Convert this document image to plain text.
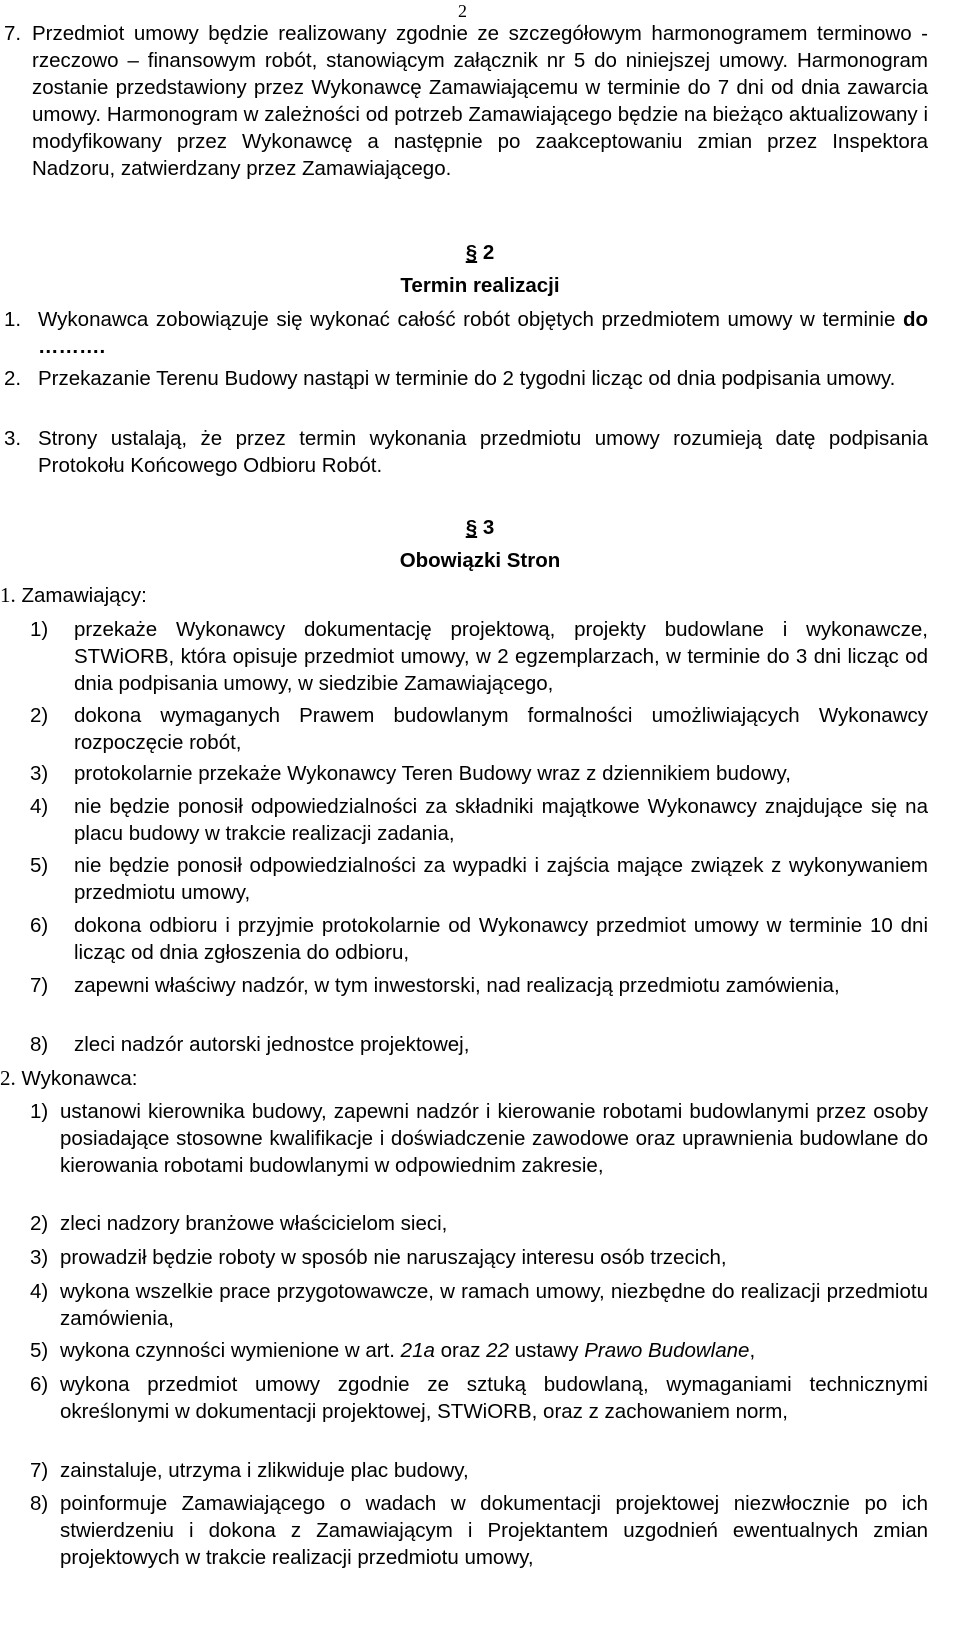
2
7. Przedmiot umowy będzie realizowany zgodnie ze szczegółowym harmonogramem terminowo - rzeczowo – finansowym robót, stanowiącym załącznik nr 5 do niniejszej umowy. Harmonogram zostanie przedstawiony przez Wykonawcę Zamawiającemu w terminie do 7 dni od dnia zawarcia umowy. Harmonogram w zależności od potrzeb Zamawiającego będzie na bieżąco aktualizowany i modyfikowany przez Wykonawcę a następnie po zaakceptowaniu zmian przez Inspektora Nadzoru, zatwierdzany przez Zamawiającego.
§ 2
Termin realizacji
1. Wykonawca zobowiązuje się wykonać całość robót objętych przedmiotem umowy w terminie do ……….
2. Przekazanie Terenu Budowy nastąpi w terminie do 2 tygodni licząc od dnia podpisania umowy.
3. Strony ustalają, że przez termin wykonania przedmiotu umowy rozumieją datę podpisania Protokołu Końcowego Odbioru Robót.
§ 3
Obowiązki Stron
1. Zamawiający:
1) przekaże Wykonawcy dokumentację projektową, projekty budowlane i wykonawcze, STWiORB, która opisuje przedmiot umowy, w 2 egzemplarzach, w terminie do 3 dni licząc od dnia podpisania umowy, w siedzibie Zamawiającego,
2) dokona wymaganych Prawem budowlanym formalności umożliwiających Wykonawcy rozpoczęcie robót,
3) protokolarnie przekaże Wykonawcy Teren Budowy wraz z dziennikiem budowy,
4) nie będzie ponosił odpowiedzialności za składniki majątkowe Wykonawcy znajdujące się na placu budowy w trakcie realizacji zadania,
5) nie będzie ponosił odpowiedzialności za wypadki i zajścia mające związek z wykonywaniem przedmiotu umowy,
6) dokona odbioru i przyjmie protokolarnie od Wykonawcy przedmiot umowy w terminie 10 dni licząc od dnia zgłoszenia do odbioru,
7) zapewni właściwy nadzór, w tym inwestorski, nad realizacją przedmiotu zamówienia,
8) zleci nadzór autorski jednostce projektowej,
2. Wykonawca:
1) ustanowi kierownika budowy, zapewni nadzór i kierowanie robotami budowlanymi przez osoby posiadające stosowne kwalifikacje i doświadczenie zawodowe oraz uprawnienia budowlane do kierowania robotami budowlanymi w odpowiednim zakresie,
2) zleci nadzory branżowe właścicielom sieci,
3) prowadził będzie roboty w sposób nie naruszający interesu osób trzecich,
4) wykona wszelkie prace przygotowawcze, w ramach umowy, niezbędne do realizacji przedmiotu zamówienia,
5) wykona czynności wymienione w art. 21a oraz 22 ustawy Prawo Budowlane,
6) wykona przedmiot umowy zgodnie ze sztuką budowlaną, wymaganiami technicznymi określonymi w dokumentacji projektowej, STWiORB, oraz z zachowaniem norm,
7) zainstaluje, utrzyma i zlikwiduje plac budowy,
8) poinformuje Zamawiającego o wadach w dokumentacji projektowej niezwłocznie po ich stwierdzeniu i dokona z Zamawiającym i Projektantem uzgodnień ewentualnych zmian projektowych w trakcie realizacji przedmiotu umowy,
